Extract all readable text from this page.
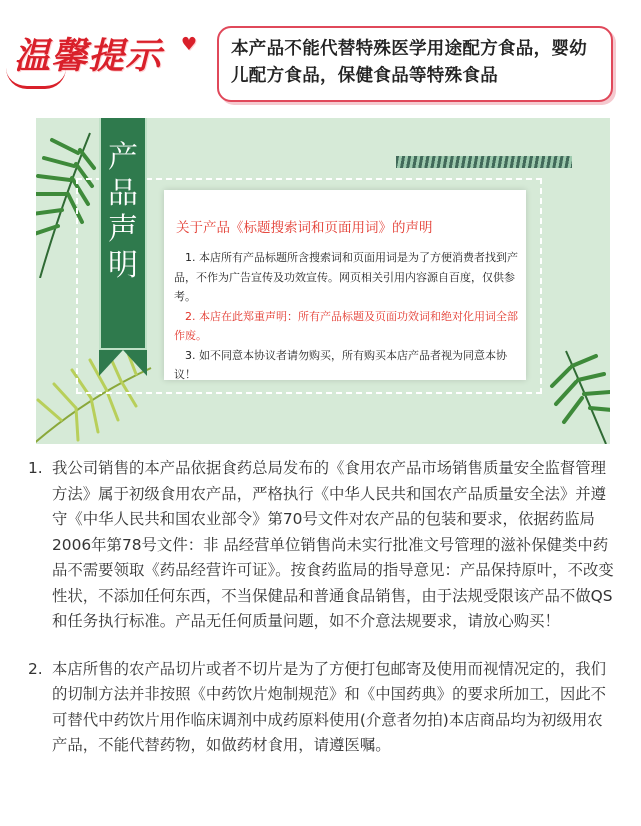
温馨提示 ♥ 本产品不能代替特殊医学用途配方食品，婴幼儿配方食品，保健食品等特殊食品
产品声明
关于产品《标题搜索词和页面用词》的声明

1. 本店所有产品标题所含搜索词和页面用词是为了方便消费者找到产品，不作为广告宣传及功效宣传。网页相关引用内容源自百度，仅供参考。

2. 本店在此郑重声明：所有产品标题及页面功效词和绝对化用词全部作废。

3. 如不同意本协议者请勿购买，所有购买本店产品者视为同意本协议！

1. 我公司销售的本产品依据食药总局发布的《食用农产品市场销售质量安全监督管理方法》属于初级食用农产品，严格执行《中华人民共和国农产品质量安全法》并遵守《中华人民共和国农业部令》第70号文件对农产品的包装和要求，依据药监局2006年第78号文件：非 品经营单位销售尚未实行批准文号管理的滋补保健类中药品不需要领取《药品经营许可证》。按食药监局的指导意见：产品保持原叶，不改变性状，不添加任何东西，不当保健品和普通食品销售，由于法规受限该产品不做QS和任务执行标准。产品无任何质量问题，如不介意法规要求，请放心购买！

2. 本店所售的农产品切片或者不切片是为了方便打包邮寄及使用而视情况定的，我们的切制方法并非按照《中药饮片炮制规范》和《中国药典》的要求所加工，因此不可替代中药饮片用作临床调剂中成药原料使用(介意者勿拍)本店商品均为初级用农产品，不能代替药物，如做药材食用，请遵医嘱。
